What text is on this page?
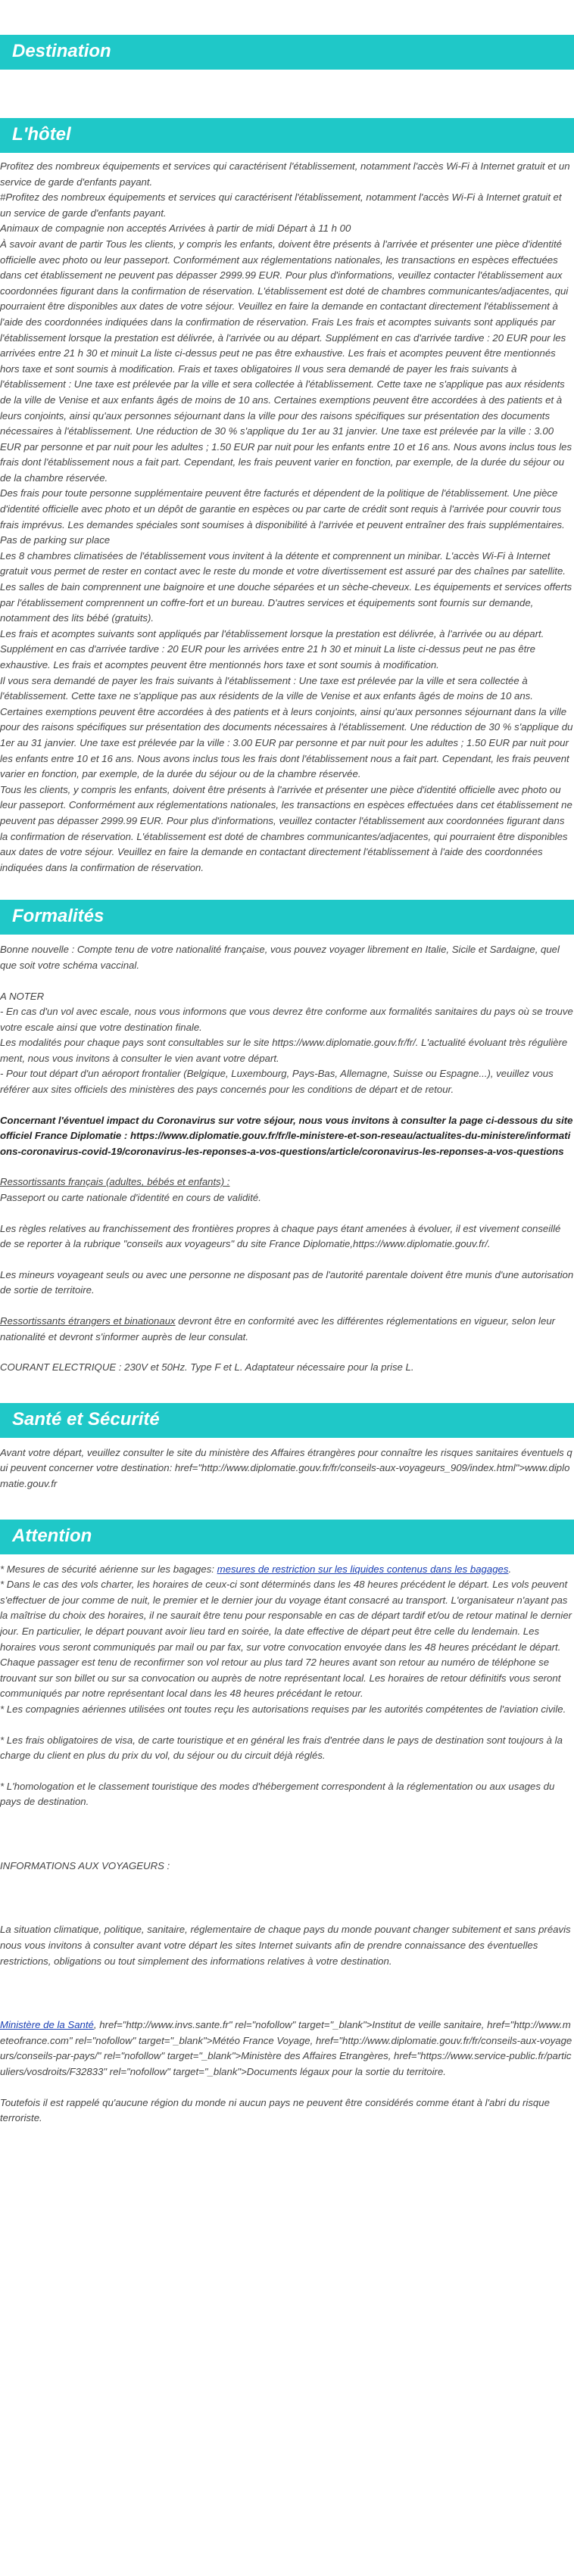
Destination
L'hôtel

Profitez des nombreux équipements et services qui caractérisent l'établissement, notamment l'accès Wi-Fi à Internet gratuit et un service de garde d'enfants payant.

#Profitez des nombreux équipements et services qui caractérisent l'établissement, notamment l'accès Wi-Fi à Internet gratuit et un service de garde d'enfants payant.

Animaux de compagnie non acceptés Arrivées à partir de midi Départ à 11 h 00

À savoir avant de partir Tous les clients, y compris les enfants, doivent être présents à l'arrivée et présenter une pièce d'identité officielle avec photo ou leur passeport. Conformément aux réglementations nationales, les transactions en espèces effectuées dans cet établissement ne peuvent pas dépasser 2999.99 EUR. Pour plus d'informations, veuillez contacter l'établissement aux coordonnées figurant dans la confirmation de réservation. L'établissement est doté de chambres communicantes/adjacentes, qui pourraient être disponibles aux dates de votre séjour. Veuillez en faire la demande en contactant directement l'établissement à l'aide des coordonnées indiquées dans la confirmation de réservation. Frais Les frais et acomptes suivants sont appliqués par l'établissement lorsque la prestation est délivrée, à l'arrivée ou au départ. Supplément en cas d'arrivée tardive : 20 EUR pour les arrivées entre 21 h 30 et minuit La liste ci-dessus peut ne pas être exhaustive. Les frais et acomptes peuvent être mentionnés hors taxe et sont soumis à modification. Frais et taxes obligatoires Il vous sera demandé de payer les frais suivants à l'établissement : Une taxe est prélevée par la ville et sera collectée à l'établissement. Cette taxe ne s'applique pas aux résidents de la ville de Venise et aux enfants âgés de moins de 10 ans. Certaines exemptions peuvent être accordées à des patients et à leurs conjoints, ainsi qu'aux personnes séjournant dans la ville pour des raisons spécifiques sur présentation des documents nécessaires à l'établissement. Une réduction de 30 % s'applique du 1er au 31 janvier. Une taxe est prélevée par la ville : 3.00 EUR par personne et par nuit pour les adultes ; 1.50 EUR par nuit pour les enfants entre 10 et 16 ans. Nous avons inclus tous les frais dont l'établissement nous a fait part. Cependant, les frais peuvent varier en fonction, par exemple, de la durée du séjour ou de la chambre réservée.

Des frais pour toute personne supplémentaire peuvent être facturés et dépendent de la politique de l'établissement. Une pièce d'identité officielle avec photo et un dépôt de garantie en espèces ou par carte de crédit sont requis à l'arrivée pour couvrir tous frais imprévus. Les demandes spéciales sont soumises à disponibilité à l'arrivée et peuvent entraîner des frais supplémentaires. Pas de parking sur place

Les 8 chambres climatisées de l'établissement vous invitent à la détente et comprennent un minibar. L'accès Wi-Fi à Internet gratuit vous permet de rester en contact avec le reste du monde et votre divertissement est assuré par des chaînes par satellite. Les salles de bain comprennent une baignoire et une douche séparées et un sèche-cheveux. Les équipements et services offerts par l'établissement comprennent un coffre-fort et un bureau. D'autres services et équipements sont fournis sur demande, notamment des lits bébé (gratuits).

Les frais et acomptes suivants sont appliqués par l'établissement lorsque la prestation est délivrée, à l'arrivée ou au départ. Supplément en cas d'arrivée tardive : 20 EUR pour les arrivées entre 21 h 30 et minuit La liste ci-dessus peut ne pas être exhaustive. Les frais et acomptes peuvent être mentionnés hors taxe et sont soumis à modification.

Il vous sera demandé de payer les frais suivants à l'établissement : Une taxe est prélevée par la ville et sera collectée à l'établissement. Cette taxe ne s'applique pas aux résidents de la ville de Venise et aux enfants âgés de moins de 10 ans. Certaines exemptions peuvent être accordées à des patients et à leurs conjoints, ainsi qu'aux personnes séjournant dans la ville pour des raisons spécifiques sur présentation des documents nécessaires à l'établissement. Une réduction de 30 % s'applique du 1er au 31 janvier. Une taxe est prélevée par la ville : 3.00 EUR par personne et par nuit pour les adultes ; 1.50 EUR par nuit pour les enfants entre 10 et 16 ans. Nous avons inclus tous les frais dont l'établissement nous a fait part. Cependant, les frais peuvent varier en fonction, par exemple, de la durée du séjour ou de la chambre réservée.

Tous les clients, y compris les enfants, doivent être présents à l'arrivée et présenter une pièce d'identité officielle avec photo ou leur passeport. Conformément aux réglementations nationales, les transactions en espèces effectuées dans cet établissement ne peuvent pas dépasser 2999.99 EUR. Pour plus d'informations, veuillez contacter l'établissement aux coordonnées figurant dans la confirmation de réservation. L'établissement est doté de chambres communicantes/adjacentes, qui pourraient être disponibles aux dates de votre séjour. Veuillez en faire la demande en contactant directement l'établissement à l'aide des coordonnées indiquées dans la confirmation de réservation.

Formalités

Bonne nouvelle : Compte tenu de votre nationalité française, vous pouvez voyager librement en Italie, Sicile et Sardaigne, quel que soit votre schéma vaccinal.

A NOTER

- En cas d'un vol avec escale, nous vous informons que vous devrez être conforme aux formalités sanitaires du pays où se trouve votre escale ainsi que votre destination finale.

Les modalités pour chaque pays sont consultables sur le site https://www.diplomatie.gouv.fr/fr/. L'actualité évoluant très régulièrement, nous vous invitons à consulter le vien avant votre départ.

- Pour tout départ d'un aéroport frontalier (Belgique, Luxembourg, Pays-Bas, Allemagne, Suisse ou Espagne...), veuillez vous référer aux sites officiels des ministères des pays concernés pour les conditions de départ et de retour.

Concernant l'éventuel impact du Coronavirus sur votre séjour, nous vous invitons à consulter la page ci-dessous du site officiel France Diplomatie : https://www.diplomatie.gouv.fr/fr/le-ministere-et-son-reseau/actualites-du-ministere/informations-coronavirus-covid-19/coronavirus-les-reponses-a-vos-questions/article/coronavirus-les-reponses-a-vos-questions

Ressortissants français (adultes, bébés et enfants) :

Passeport ou carte nationale d'identité en cours de validité.

Les règles relatives au franchissement des frontières propres à chaque pays étant amenées à évoluer, il est vivement conseillé de se reporter à la rubrique "conseils aux voyageurs" du site France Diplomatie,https://www.diplomatie.gouv.fr/.

Les mineurs voyageant seuls ou avec une personne ne disposant pas de l'autorité parentale doivent être munis d'une autorisation de sortie de territoire.

Ressortissants étrangers et binationaux devront être en conformité avec les différentes réglementations en vigueur, selon leur nationalité et devront s'informer auprès de leur consulat.

COURANT ELECTRIQUE : 230V et 50Hz. Type F et L. Adaptateur nécessaire pour la prise L.

Santé et Sécurité

Avant votre départ, veuillez consulter le site du ministère des Affaires étrangères pour connaître les risques sanitaires éventuels qui peuvent concerner votre destination: href="http://www.diplomatie.gouv.fr/fr/conseils-aux-voyageurs_909/index.html">www.diplomatie.gouv.fr

Attention

* Mesures de sécurité aérienne sur les bagages: mesures de restriction sur les liquides contenus dans les bagages.

* Dans le cas des vols charter, les horaires de ceux-ci sont déterminés dans les 48 heures précédent le départ. Les vols peuvent s'effectuer de jour comme de nuit, le premier et le dernier jour du voyage étant consacré au transport. L'organisateur n'ayant pas la maîtrise du choix des horaires, il ne saurait être tenu pour responsable en cas de départ tardif et/ou de retour matinal le dernier jour. En particulier, le départ pouvant avoir lieu tard en soirée, la date effective de départ peut être celle du lendemain. Les horaires vous seront communiqués par mail ou par fax, sur votre convocation envoyée dans les 48 heures précédant le départ. Chaque passager est tenu de reconfirmer son vol retour au plus tard 72 heures avant son retour au numéro de téléphone se trouvant sur son billet ou sur sa convocation ou auprès de notre représentant local. Les horaires de retour définitifs vous seront communiqués par notre représentant local dans les 48 heures précédant le retour.

* Les compagnies aériennes utilisées ont toutes reçu les autorisations requises par les autorités compétentes de l'aviation civile.

* Les frais obligatoires de visa, de carte touristique et en général les frais d'entrée dans le pays de destination sont toujours à la charge du client en plus du prix du vol, du séjour ou du circuit déjà réglés.

* L'homologation et le classement touristique des modes d'hébergement correspondent à la réglementation ou aux usages du pays de destination.

INFORMATIONS AUX VOYAGEURS :

La situation climatique, politique, sanitaire, réglementaire de chaque pays du monde pouvant changer subitement et sans préavis
nous vous invitons à consulter avant votre départ les sites Internet suivants afin de prendre connaissance des éventuelles restrictions, obligations ou tout simplement des informations relatives à votre destination.

Ministère de la Santé, href="http://www.invs.sante.fr" rel="nofollow" target="_blank">Institut de veille sanitaire, href="http://www.meteofrance.com" rel="nofollow" target="_blank">Météo France Voyage, href="http://www.diplomatie.gouv.fr/fr/conseils-aux-voyageurs/conseils-par-pays/" rel="nofollow" target="_blank">Ministère des Affaires Etrangères, href="https://www.service-public.fr/particuliers/vosdroits/F32833" rel="nofollow" target="_blank">Documents légaux pour la sortie du territoire.

Toutefois il est rappelé qu'aucune région du monde ni aucun pays ne peuvent être considérés comme étant à l'abri du risque terroriste.
